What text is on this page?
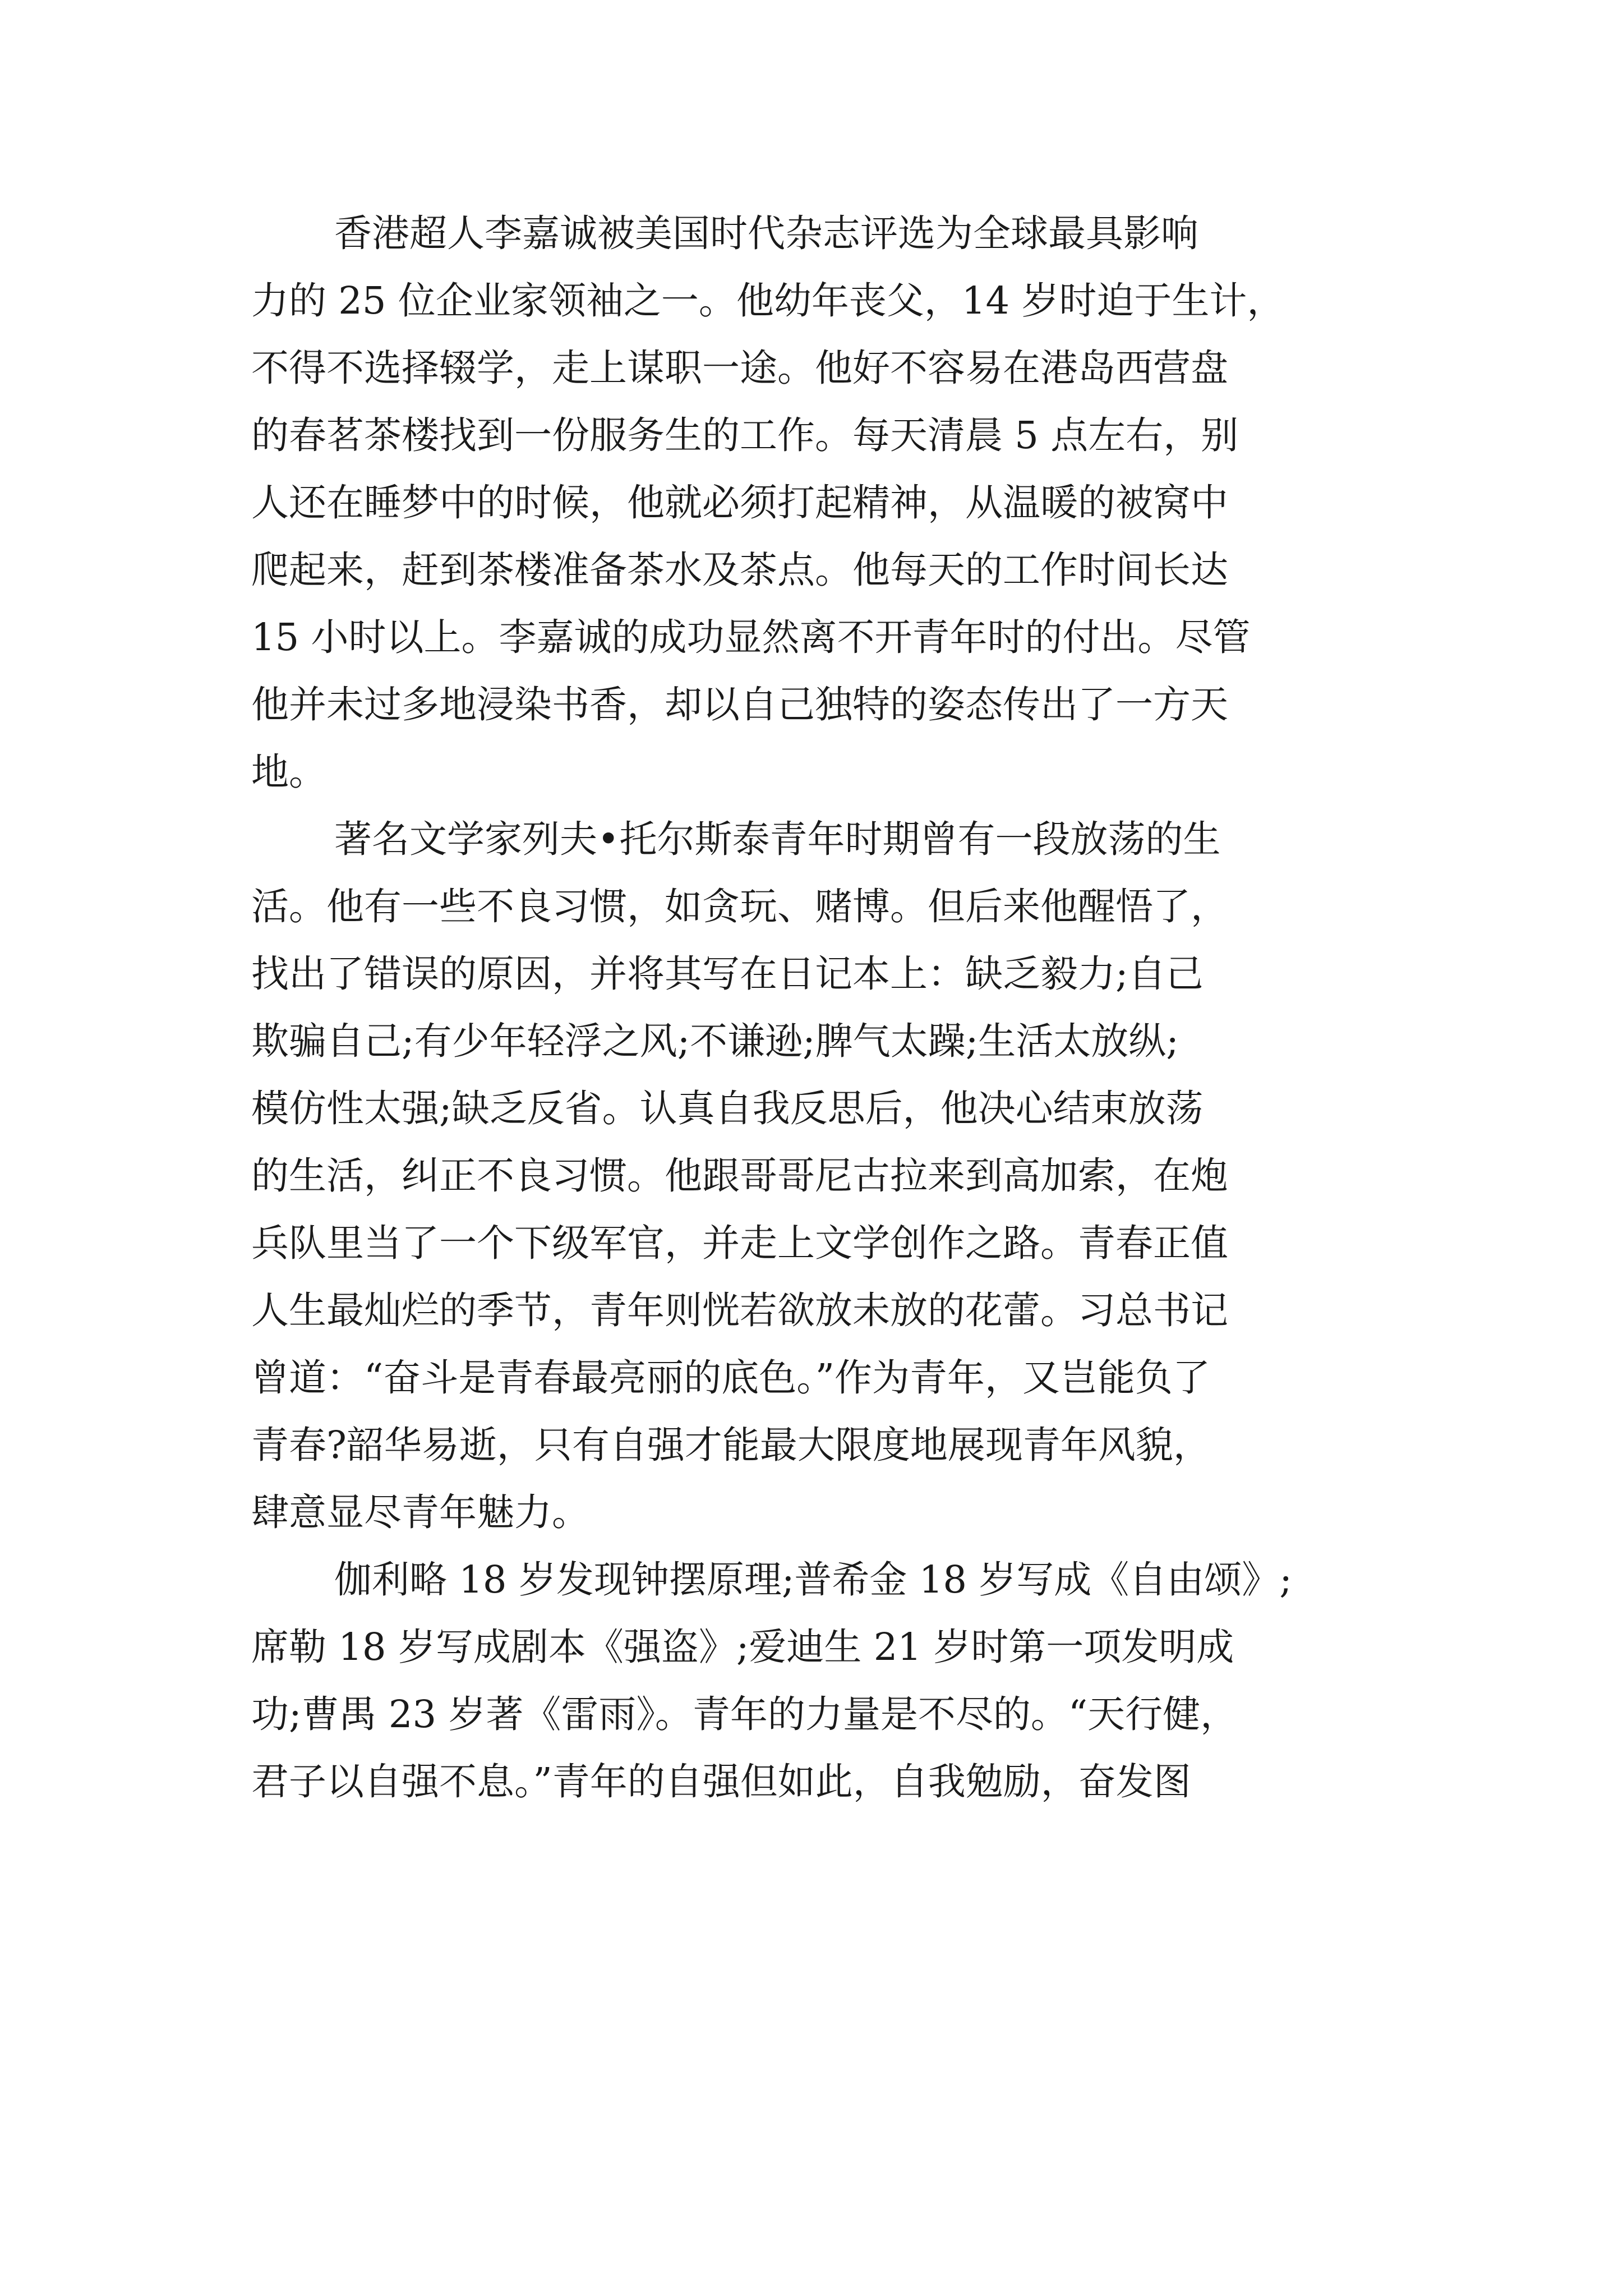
香港超人李嘉诚被美国时代杂志评选为全球最具影响
力的 25 位企业家领袖之一。他幼年丧父，14 岁时迫于生计，
不得不选择辍学，走上谋职一途。他好不容易在港岛西营盘
的春茗茶楼找到一份服务生的工作。每天清晨 5 点左右，别
人还在睡梦中的时候，他就必须打起精神，从温暖的被窝中
爬起来，赶到茶楼准备茶水及茶点。他每天的工作时间长达
15 小时以上。李嘉诚的成功显然离不开青年时的付出。尽管
他并未过多地浸染书香，却以自己独特的姿态传出了一方天
地。
著名文学家列夫•托尔斯泰青年时期曾有一段放荡的生
活。他有一些不良习惯，如贪玩、赌博。但后来他醒悟了，
找出了错误的原因，并将其写在日记本上：缺乏毅力;自己
欺骗自己;有少年轻浮之风;不谦逊;脾气太躁;生活太放纵;
模仿性太强;缺乏反省。认真自我反思后，他决心结束放荡
的生活，纠正不良习惯。他跟哥哥尼古拉来到高加索，在炮
兵队里当了一个下级军官，并走上文学创作之路。青春正值
人生最灿烂的季节，青年则恍若欲放未放的花蕾。习总书记
曾道：“奋斗是青春最亮丽的底色。”作为青年，又岂能负了
青春?韶华易逝，只有自强才能最大限度地展现青年风貌，
肆意显尽青年魅力。
伽利略 18 岁发现钟摆原理;普希金 18 岁写成《自由颂》;
席勒 18 岁写成剧本《强盗》;爱迪生 21 岁时第一项发明成
功;曹禺 23 岁著《雷雨》。青年的力量是不尽的。“天行健，
君子以自强不息。”青年的自强但如此，自我勉励，奋发图
